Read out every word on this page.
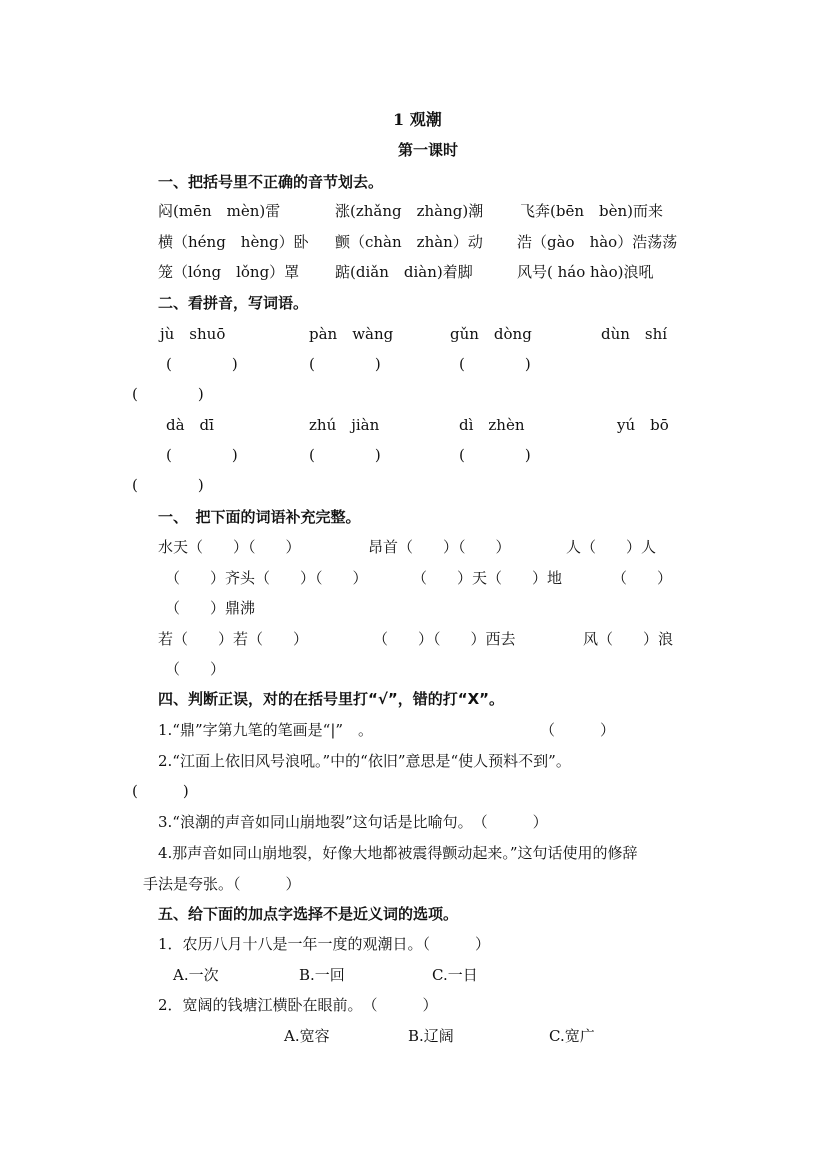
1 观潮
第一课时
一、把括号里不正确的音节划去。
闷(mēn　mèn)雷	涨(zhǎng　zhàng)潮 飞奔(bēn　bèn)而来
横（héng　hèng）卧 颤（chàn　zhàn）动 浩（gào　hào）浩荡荡
笼（lóng　lǒng）罩 踮(diǎn　diàn)着脚	风号( háo hào)浪吼
二、看拼音，写词语。
jù　shuō	pàn　wàng	gǔn　dòng	dùn　shí
(　　　　)	(　　　　)	(　　　　)
(　　　　)
dà　dī	zhú　jiàn	dì　zhèn	yú　bō
(　　　　)	(　　　　)	(　　　　)
(　　　　)
一、　把下面的词语补充完整。
水天（　　）（　　）	昂首（　　）（　　）	人（　　）人
（　　）齐头（　　）（　　）	（　　）天（　　）地	（　　）
（　　）鼎沸
若（　　）若（　　）	（　　）（　　）西去	风（　　）浪
（　　）
四、判断正误，对的在括号里打“√”，错的打“X”。
1.“鼎”字第九笔的笔画是“|”　。	（　　　）
2.“江面上依旧风号浪吼。”中的“依旧”意思是“使人预料不到”。
(　　　)
3.“浪潮的声音如同山崩地裂”这句话是比喻句。　（　　　）
4.那声音如同山崩地裂，好像大地都被震得颤动起来。”这句话使用的修辞
手法是夸张。（　　　）
五、给下面的加点字选择不是近义词的选项。
1．农历八月十八是一年一度的观潮日。（　　　）
A.一次	B.一回	C.一日
2．宽阔的钱塘江横卧在眼前。　（　　　）
A.宽容	B.辽阔	C.宽广
